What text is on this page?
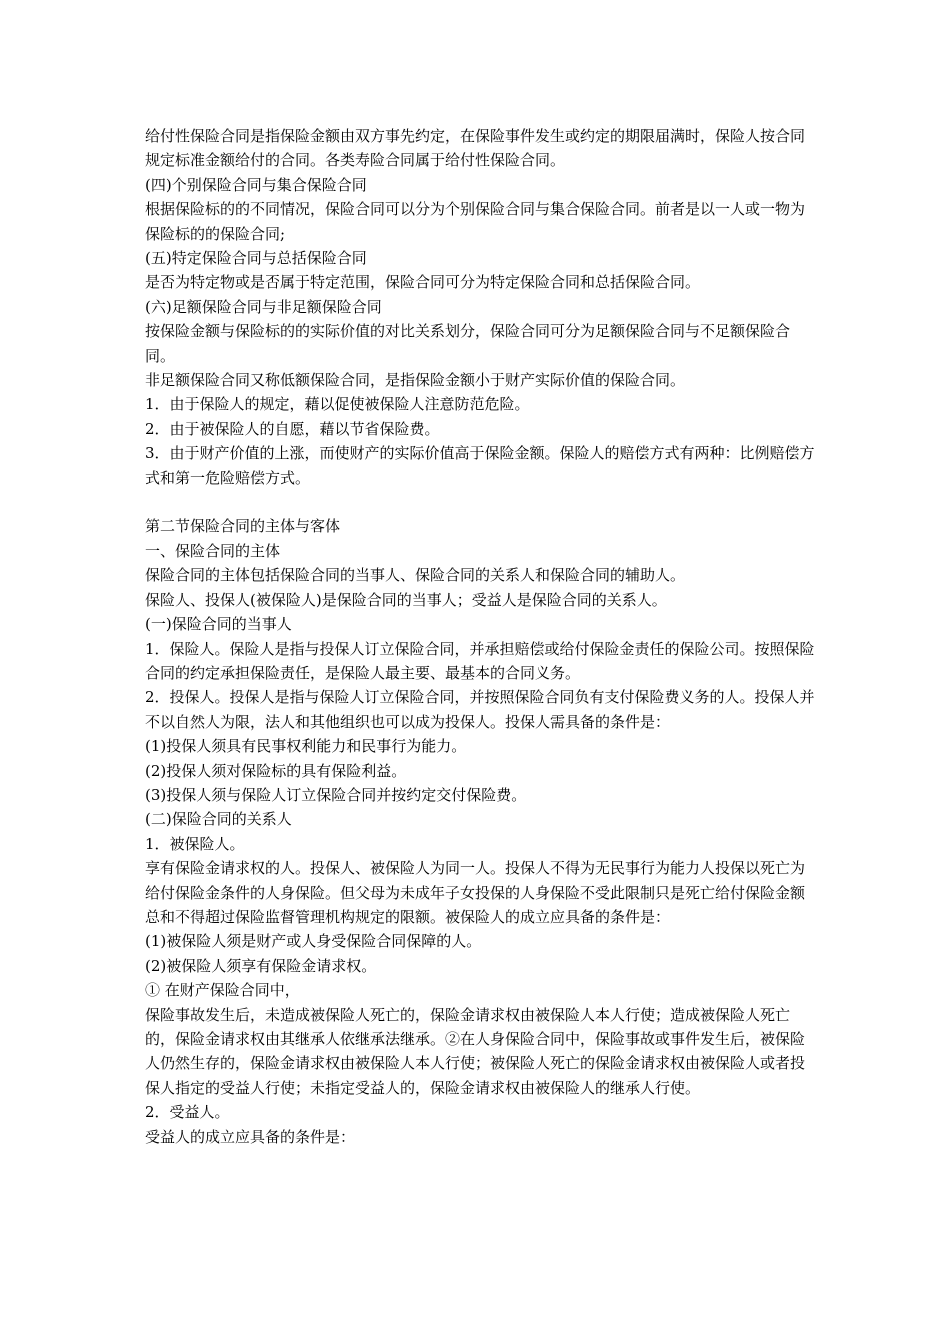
给付性保险合同是指保险金额由双方事先约定，在保险事件发生或约定的期限届满时，保险人按合同规定标准金额给付的合同。各类寿险合同属于给付性保险合同。

(四)个别保险合同与集合保险合同

根据保险标的的不同情况，保险合同可以分为个别保险合同与集合保险合同。前者是以一人或一物为保险标的的保险合同;

(五)特定保险合同与总括保险合同

是否为特定物或是否属于特定范围，保险合同可分为特定保险合同和总括保险合同。

(六)足额保险合同与非足额保险合同

按保险金额与保险标的的实际价值的对比关系划分，保险合同可分为足额保险合同与不足额保险合同。

非足额保险合同又称低额保险合同，是指保险金额小于财产实际价值的保险合同。

1．由于保险人的规定，藉以促使被保险人注意防范危险。

2．由于被保险人的自愿，藉以节省保险费。

3．由于财产价值的上涨，而使财产的实际价值高于保险金额。保险人的赔偿方式有两种：比例赔偿方式和第一危险赔偿方式。

第二节保险合同的主体与客体

一、保险合同的主体

保险合同的主体包括保险合同的当事人、保险合同的关系人和保险合同的辅助人。

保险人、投保人(被保险人)是保险合同的当事人；受益人是保险合同的关系人。

(一)保险合同的当事人

1．保险人。保险人是指与投保人订立保险合同，并承担赔偿或给付保险金责任的保险公司。按照保险合同的约定承担保险责任，是保险人最主要、最基本的合同义务。

2．投保人。投保人是指与保险人订立保险合同，并按照保险合同负有支付保险费义务的人。投保人并不以自然人为限，法人和其他组织也可以成为投保人。投保人需具备的条件是：

(1)投保人须具有民事权利能力和民事行为能力。

(2)投保人须对保险标的具有保险利益。

(3)投保人须与保险人订立保险合同并按约定交付保险费。

(二)保险合同的关系人

1．被保险人。

享有保险金请求权的人。投保人、被保险人为同一人。投保人不得为无民事行为能力人投保以死亡为给付保险金条件的人身保险。但父母为未成年子女投保的人身保险不受此限制只是死亡给付保险金额总和不得超过保险监督管理机构规定的限额。被保险人的成立应具备的条件是：

(1)被保险人须是财产或人身受保险合同保障的人。

(2)被保险人须享有保险金请求权。

① 在财产保险合同中，

保险事故发生后，未造成被保险人死亡的，保险金请求权由被保险人本人行使；造成被保险人死亡的，保险金请求权由其继承人依继承法继承。②在人身保险合同中，保险事故或事件发生后，被保险人仍然生存的，保险金请求权由被保险人本人行使；被保险人死亡的保险金请求权由被保险人或者投保人指定的受益人行使；未指定受益人的，保险金请求权由被保险人的继承人行使。

2．受益人。

受益人的成立应具备的条件是：
